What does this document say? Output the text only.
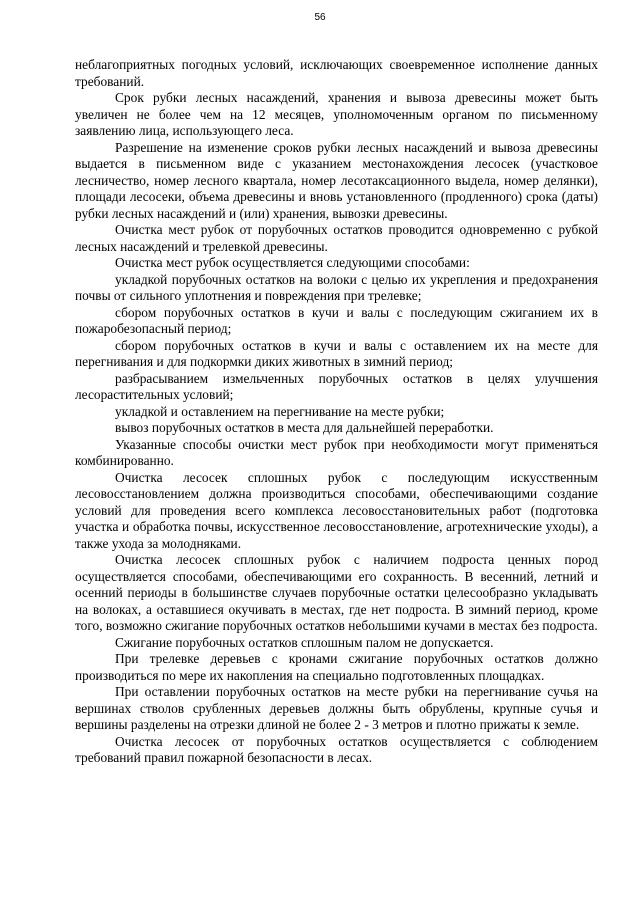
56

неблагоприятных погодных условий, исключающих своевременное исполнение данных требований.

Срок рубки лесных насаждений, хранения и вывоза древесины может быть увеличен не более чем на 12 месяцев, уполномоченным органом по письменному заявлению лица, использующего леса.

Разрешение на изменение сроков рубки лесных насаждений и вывоза древесины выдается в письменном виде с указанием местонахождения лесосек (участковое лесничество, номер лесного квартала, номер лесотаксационного выдела, номер делянки), площади лесосеки, объема древесины и вновь установленного (продленного) срока (даты) рубки лесных насаждений и (или) хранения, вывозки древесины.

Очистка мест рубок от порубочных остатков проводится одновременно с рубкой лесных насаждений и трелевкой древесины.

Очистка мест рубок осуществляется следующими способами:

укладкой порубочных остатков на волоки с целью их укрепления и предохранения почвы от сильного уплотнения и повреждения при трелевке;

сбором порубочных остатков в кучи и валы с последующим сжиганием их в пожаробезопасный период;

сбором порубочных остатков в кучи и валы с оставлением их на месте для перегнивания и для подкормки диких животных в зимний период;

разбрасыванием измельченных порубочных остатков в целях улучшения лесорастительных условий;

укладкой и оставлением на перегнивание на месте рубки;

вывоз порубочных остатков в места для дальнейшей переработки.

Указанные способы очистки мест рубок при необходимости могут применяться комбинированно.

Очистка лесосек сплошных рубок с последующим искусственным лесовосстановлением должна производиться способами, обеспечивающими создание условий для проведения всего комплекса лесовосстановительных работ (подготовка участка и обработка почвы, искусственное лесовосстановление, агротехнические уходы), а также ухода за молодняками.

Очистка лесосек сплошных рубок с наличием подроста ценных пород осуществляется способами, обеспечивающими его сохранность. В весенний, летний и осенний периоды в большинстве случаев порубочные остатки целесообразно укладывать на волоках, а оставшиеся окучивать в местах, где нет подроста. В зимний период, кроме того, возможно сжигание порубочных остатков небольшими кучами в местах без подроста.

Сжигание порубочных остатков сплошным палом не допускается.

При трелевке деревьев с кронами сжигание порубочных остатков должно производиться по мере их накопления на специально подготовленных площадках.

При оставлении порубочных остатков на месте рубки на перегнивание сучья на вершинах стволов срубленных деревьев должны быть обрублены, крупные сучья и вершины разделены на отрезки длиной не более 2 - 3 метров и плотно прижаты к земле.

Очистка лесосек от порубочных остатков осуществляется с соблюдением требований правил пожарной безопасности в лесах.
